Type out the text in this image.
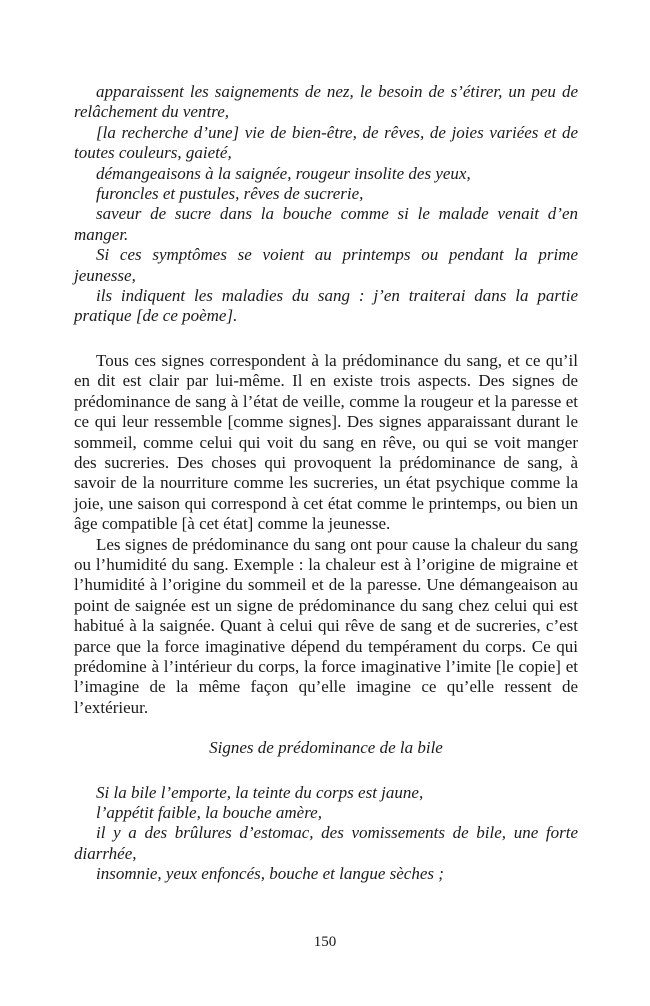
apparaissent les saignements de nez, le besoin de s’étirer, un peu de relâchement du ventre,

[la recherche d’une] vie de bien-être, de rêves, de joies variées et de toutes couleurs, gaieté,

démangeaisons à la saignée, rougeur insolite des yeux,

furoncles et pustules, rêves de sucrerie,

saveur de sucre dans la bouche comme si le malade venait d’en manger.

Si ces symptômes se voient au printemps ou pendant la prime jeunesse,

ils indiquent les maladies du sang : j’en traiterai dans la partie pratique [de ce poème].

Tous ces signes correspondent à la prédominance du sang, et ce qu’il en dit est clair par lui-même. Il en existe trois aspects. Des signes de prédominance de sang à l’état de veille, comme la rougeur et la paresse et ce qui leur ressemble [comme signes]. Des signes apparaissant durant le sommeil, comme celui qui voit du sang en rêve, ou qui se voit manger des sucreries. Des choses qui provoquent la prédominance de sang, à savoir de la nourriture comme les sucreries, un état psychique comme la joie, une saison qui correspond à cet état comme le printemps, ou bien un âge compatible [à cet état] comme la jeunesse.

Les signes de prédominance du sang ont pour cause la chaleur du sang ou l’humidité du sang. Exemple : la chaleur est à l’origine de migraine et l’humidité à l’origine du sommeil et de la paresse. Une démangeaison au point de saignée est un signe de prédominance du sang chez celui qui est habitué à la saignée. Quant à celui qui rêve de sang et de sucreries, c’est parce que la force imaginative dépend du tempérament du corps. Ce qui prédomine à l’intérieur du corps, la force imaginative l’imite [le copie] et l’imagine de la même façon qu’elle imagine ce qu’elle ressent de l’extérieur.

Signes de prédominance de la bile

Si la bile l’emporte, la teinte du corps est jaune,

l’appétit faible, la bouche amère,

il y a des brûlures d’estomac, des vomissements de bile, une forte diarrhée,

insomnie, yeux enfoncés, bouche et langue sèches ;

150
